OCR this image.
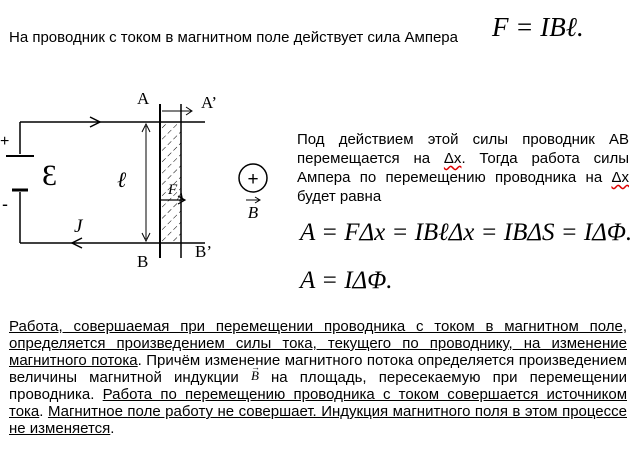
На проводник с током в магнитном поле действует сила Ампера F = IBℓ.
A	A’
B
B’
ℓ
Ɛ
J
F A
+
-
+
B
Под действием этой силы проводник АВ перемещается на Δх. Тогда работа силы Ампера по перемещению проводника на Δх будет равна
A = FΔx = IBℓΔx = IBΔS = IΔΦ.
A = IΔΦ.
Работа, совершаемая при перемещении проводника с током в магнитном поле, определяется произведением силы тока, текущего по проводнику, на изменение магнитного потока. Причём изменение магнитного потока определяется произведением величины магнитной индукции → B на площадь, пересекаемую при перемещении проводника. Работа по перемещению проводника с током совершается источником тока. Магнитное поле работу не совершает. Индукция магнитного поля в этом процессе не изменяется.
